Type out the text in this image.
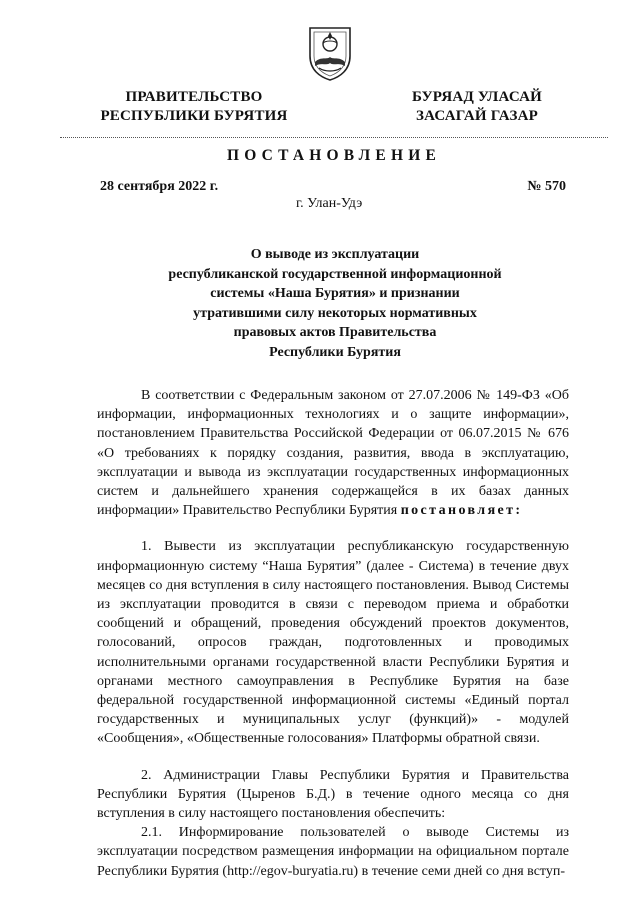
ПРАВИТЕЛЬСТВО
РЕСПУБЛИКИ БУРЯТИЯ
БУРЯАД УЛАСАЙ
ЗАСАГАЙ ГАЗАР
ПОСТАНОВЛЕНИЕ
28 сентября 2022 г.	№ 570
г. Улан-Удэ
О выводе из эксплуатации
республиканской государственной информационной
системы «Наша Бурятия» и признании
утратившими силу некоторых нормативных
правовых актов Правительства
Республики Бурятия

В соответствии с Федеральным законом от 27.07.2006 № 149-ФЗ «Об информации, информационных технологиях и о защите информации», постановлением Правительства Российской Федерации от 06.07.2015 № 676 «О требованиях к порядку создания, развития, ввода в эксплуатацию, эксплуатации и вывода из эксплуатации государственных информационных систем и дальнейшего хранения содержащейся в их базах данных информации» Правительство Республики Бурятия постановляет:

1. Вывести из эксплуатации республиканскую государственную информационную систему “Наша Бурятия” (далее - Система) в течение двух месяцев со дня вступления в силу настоящего постановления. Вывод Системы из эксплуатации проводится в связи с переводом приема и обработки сообщений и обращений, проведения обсуждений проектов документов, голосований, опросов граждан, подготовленных и проводимых исполнительными органами государственной власти Республики Бурятия и органами местного самоуправления в Республике Бурятия на базе федеральной государственной информационной системы «Единый портал государственных и муниципальных услуг (функций)» - модулей «Сообщения», «Общественные голосования» Платформы обратной связи.

2. Администрации Главы Республики Бурятия и Правительства Республики Бурятия (Цыренов Б.Д.) в течение одного месяца со дня вступления в силу настоящего постановления обеспечить:

2.1. Информирование пользователей о выводе Системы из эксплуатации посредством размещения информации на официальном портале Республики Бурятия (http://egov-buryatia.ru) в течение семи дней со дня вступ-
